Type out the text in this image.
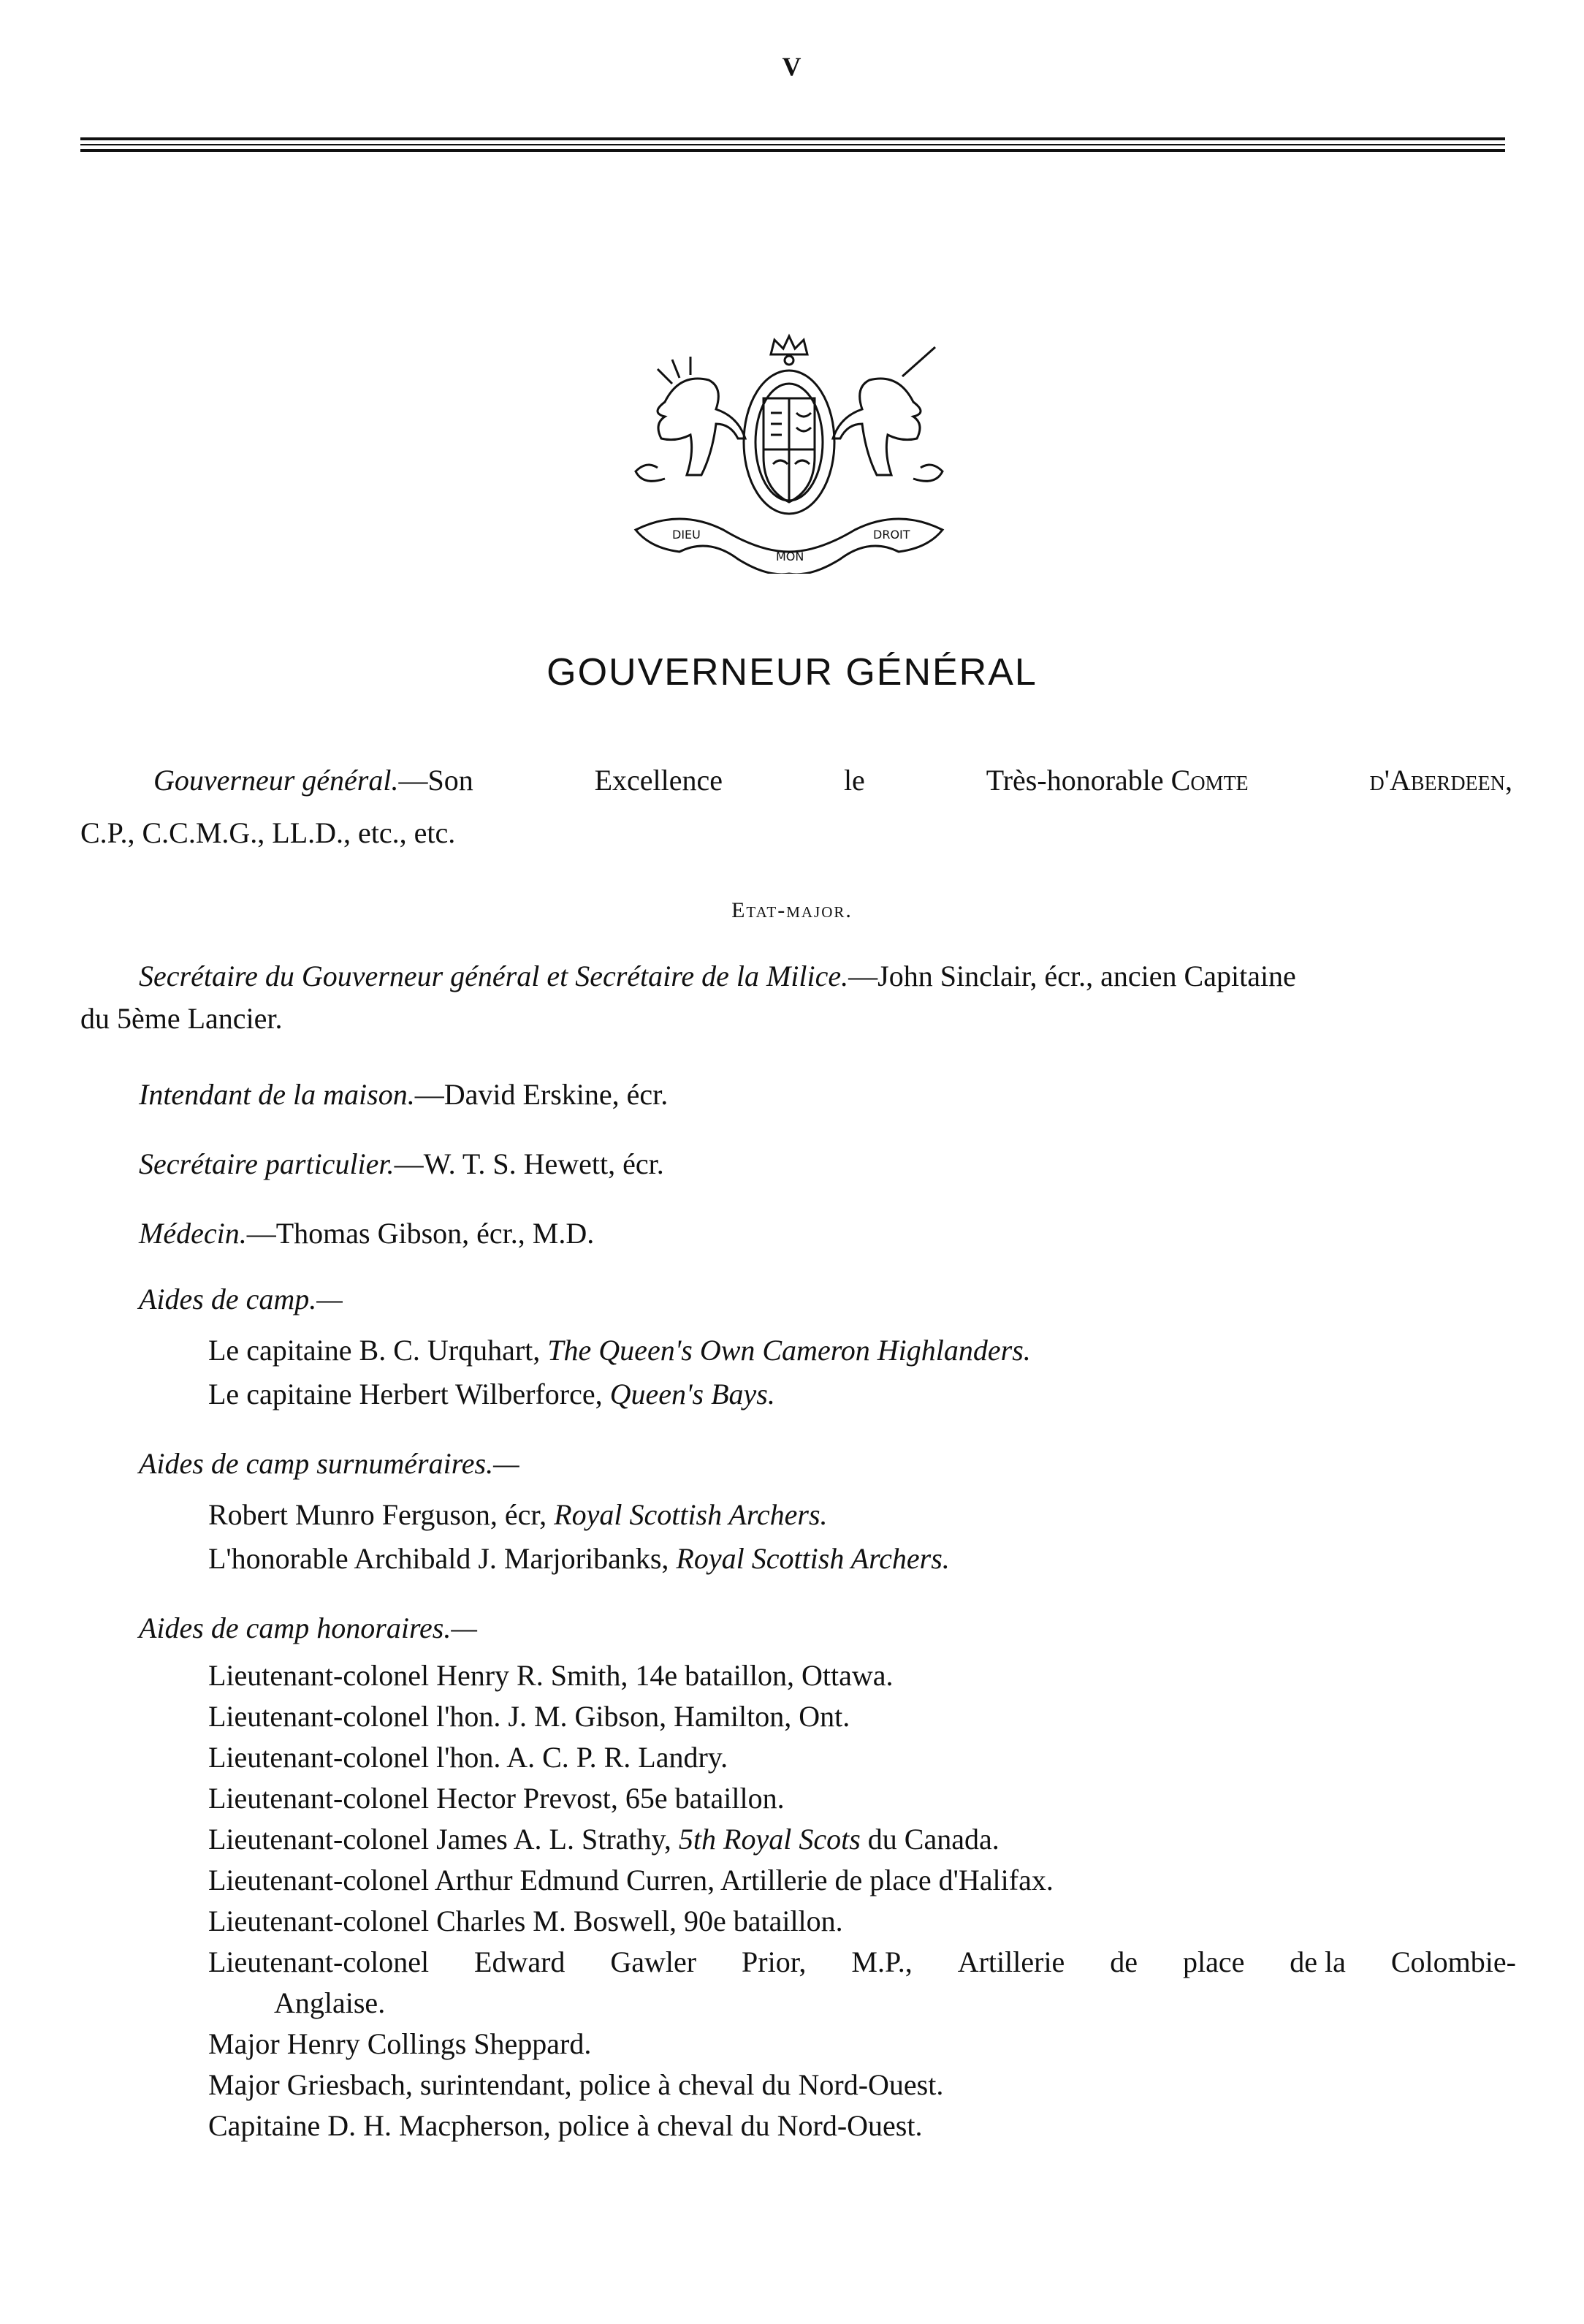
V
DIEU
MON
DROIT
GOUVERNEUR GÉNÉRAL
Gouverneur général.—Son	Excellence	le	Très-honorable Comte	d'Aberdeen,
C.P., C.C.M.G., LL.D., etc., etc.
Etat-major.
Secrétaire du Gouverneur général et Secrétaire de la Milice.—John Sinclair, écr., ancien Capitaine
du 5ème Lancier.
Intendant de la maison.—David Erskine, écr.
Secrétaire particulier.—W. T. S. Hewett, écr.
Médecin.—Thomas Gibson, écr., M.D.
Aides de camp.—
Le capitaine B. C. Urquhart, The Queen's Own Cameron Highlanders.
Le capitaine Herbert Wilberforce, Queen's Bays.
Aides de camp surnuméraires.—
Robert Munro Ferguson, écr, Royal Scottish Archers.
L'honorable Archibald J. Marjoribanks, Royal Scottish Archers.
Aides de camp honoraires.—
Lieutenant-colonel Henry R. Smith, 14e bataillon, Ottawa.
Lieutenant-colonel l'hon. J. M. Gibson, Hamilton, Ont.
Lieutenant-colonel l'hon. A. C. P. R. Landry.
Lieutenant-colonel Hector Prevost, 65e bataillon.
Lieutenant-colonel James A. L. Strathy, 5th Royal Scots du Canada.
Lieutenant-colonel Arthur Edmund Curren, Artillerie de place d'Halifax.
Lieutenant-colonel Charles M. Boswell, 90e bataillon.
Lieutenant-colonel Edward Gawler Prior, M.P., Artillerie de place de la Colombie-
Anglaise.
Major Henry Collings Sheppard.
Major Griesbach, surintendant, police à cheval du Nord-Ouest.
Capitaine D. H. Macpherson, police à cheval du Nord-Ouest.
